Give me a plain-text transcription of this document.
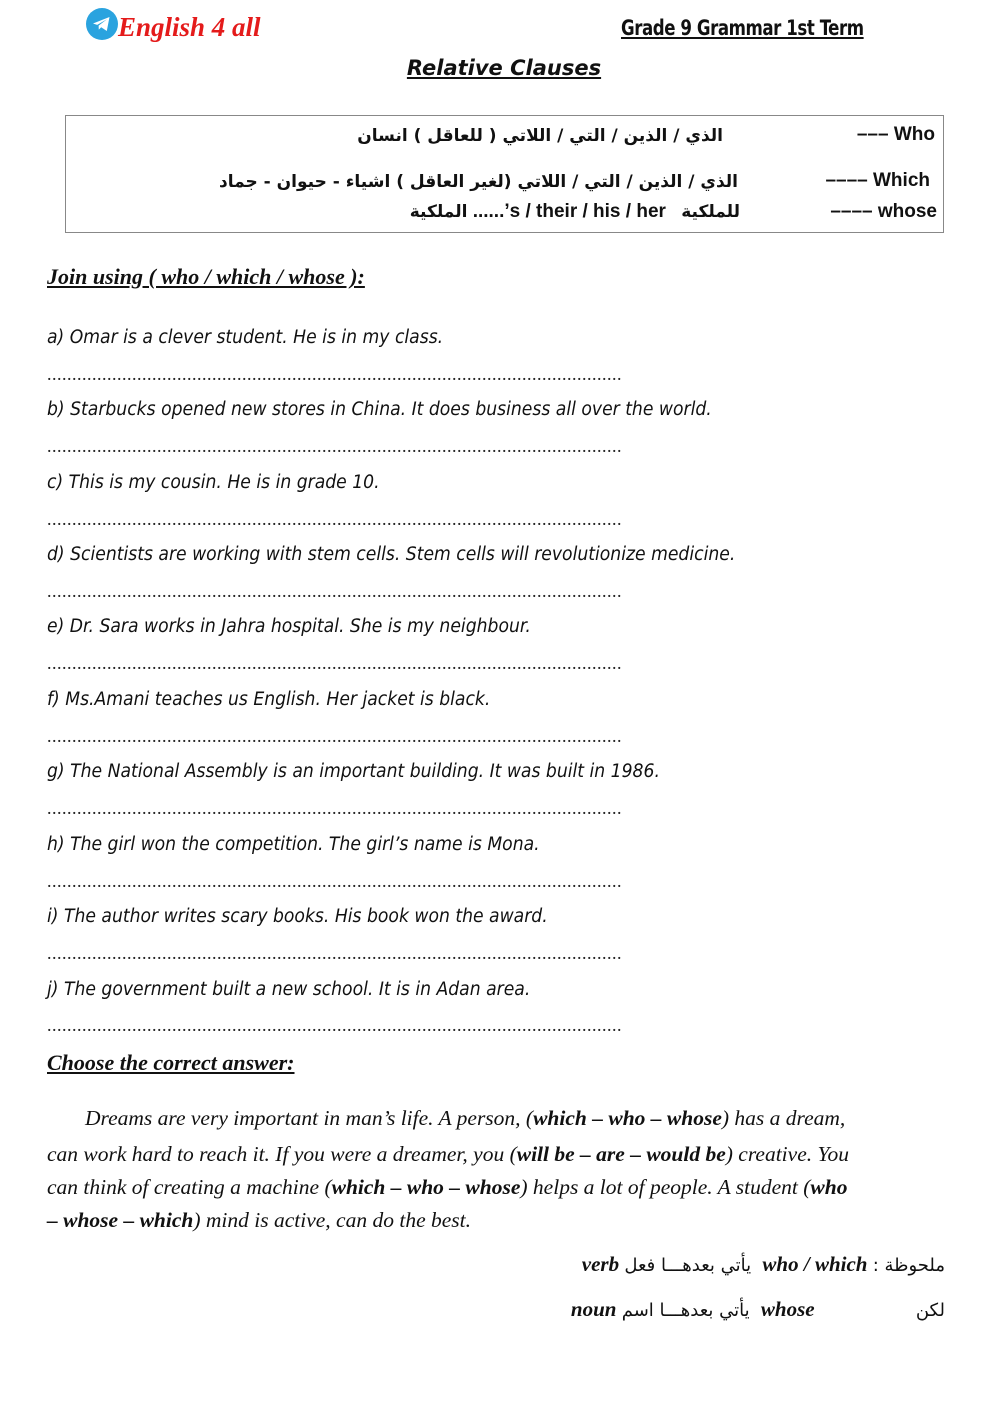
English 4 all	Grade 9 Grammar 1st Term
Relative Clauses
––– Who
الذي / الذين / التي / اللاتي ( للعاقل ) انسان
–––– Which
الذي / الذين / التي / اللاتي (لغير العاقل ) اشياء - حيوان - جماد
–––– whose
الملكية ......’s / their / his / her للملكية
Join using ( who / which / whose ):
a) Omar is a clever student. He is in my class.
...................................................................................................................
b) Starbucks opened new stores in China. It does business all over the world.
...................................................................................................................
c) This is my cousin. He is in grade 10.
...................................................................................................................
d) Scientists are working with stem cells. Stem cells will revolutionize medicine.
...................................................................................................................
e) Dr. Sara works in Jahra hospital. She is my neighbour.
...................................................................................................................
f) Ms.Amani teaches us English. Her jacket is black.
...................................................................................................................
g) The National Assembly is an important building. It was built in 1986.
...................................................................................................................
h) The girl won the competition. The girl’s name is Mona.
...................................................................................................................
i) The author writes scary books. His book won the award.
...................................................................................................................
j) The government built a new school. It is in Adan area.
...................................................................................................................
Choose the correct answer:
Dreams are very important in man’s life. A person, (which – who – whose) has a dream,
can work hard to reach it. If you were a dreamer, you (will be – are – would be) creative. You
can think of creating a machine (which – who – whose) helps a lot of people. A student (who
– whose – which) mind is active, can do the best.
verb يأتي بعدهـــا فعل who / which ملحوظة :
noun يأتي بعدهـــا اسم whose	لكن
